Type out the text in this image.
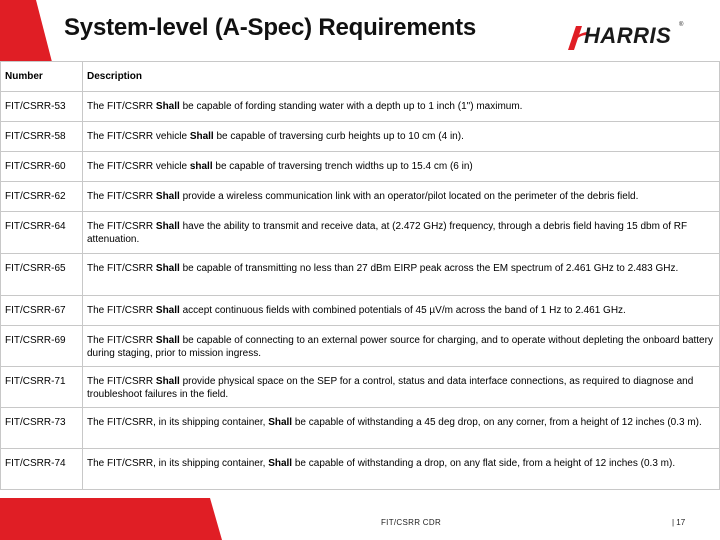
System-level (A-Spec) Requirements	HARRIS ®
Number	Description
FIT/CSRR-53	The FIT/CSRR Shall be capable of fording standing water with a depth up to 1 inch (1") maximum.
FIT/CSRR-58	The FIT/CSRR vehicle Shall be capable of traversing curb heights up to 10 cm (4 in).
FIT/CSRR-60	The FIT/CSRR vehicle shall be capable of traversing trench widths up to 15.4 cm (6 in)
FIT/CSRR-62	The FIT/CSRR Shall provide a wireless communication link with an operator/pilot located on the perimeter of the debris field.
FIT/CSRR-64	The FIT/CSRR Shall have the ability to transmit and receive data, at (2.472 GHz) frequency, through a debris field having 15 dbm of RF attenuation.
FIT/CSRR-65	The FIT/CSRR Shall be capable of transmitting no less than 27 dBm EIRP peak across the EM spectrum of 2.461 GHz to 2.483 GHz.
FIT/CSRR-67	The FIT/CSRR Shall accept continuous fields with combined potentials of 45 µV/m across the band of 1 Hz to 2.461 GHz.
FIT/CSRR-69	The FIT/CSRR Shall be capable of connecting to an external power source for charging, and to operate without depleting the onboard battery during staging, prior to mission ingress.
FIT/CSRR-71	The FIT/CSRR Shall provide physical space on the SEP for a control, status and data interface connections, as required to diagnose and troubleshoot failures in the field.
FIT/CSRR-73	The FIT/CSRR, in its shipping container, Shall be capable of withstanding a 45 deg drop, on any corner, from a height of 12 inches (0.3 m).
FIT/CSRR-74	The FIT/CSRR, in its shipping container, Shall be capable of withstanding a drop, on any flat side, from a height of 12 inches (0.3 m).
FIT/CSRR CDR	| 17
